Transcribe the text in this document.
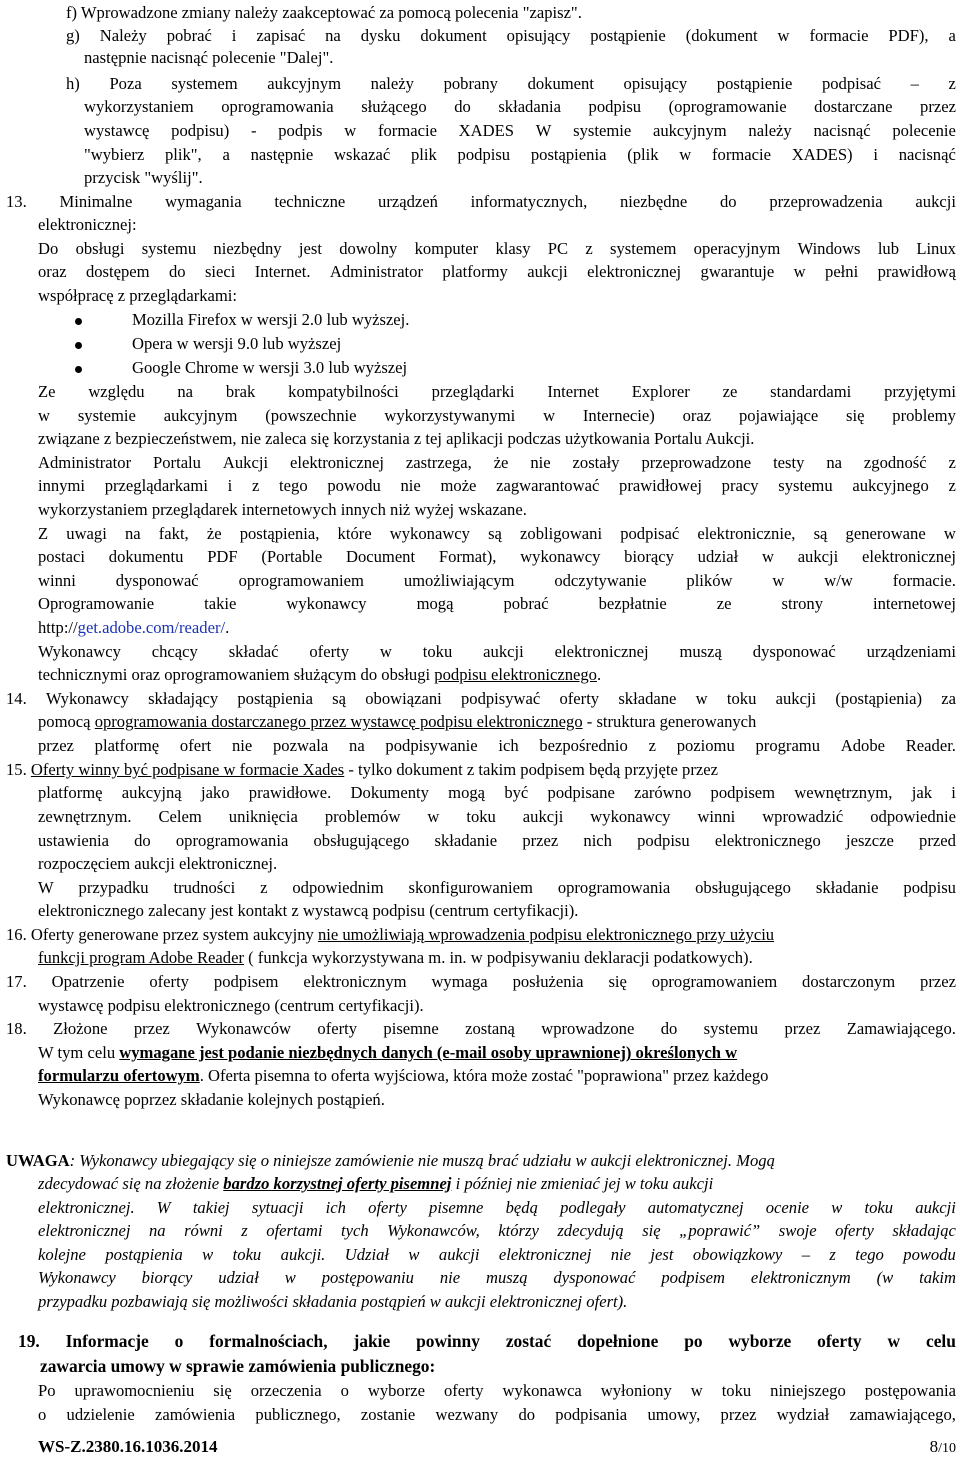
f) Wprowadzone zmiany należy zaakceptować za pomocą polecenia "zapisz".
g) Należy pobrać i zapisać na dysku dokument opisujący postąpienie (dokument w formacie PDF), a
następnie nacisnąć polecenie "Dalej".
h) Poza systemem aukcyjnym należy pobrany dokument opisujący postąpienie podpisać – z
wykorzystaniem oprogramowania służącego do składania podpisu (oprogramowanie dostarczane przez
wystawcę podpisu) - podpis w formacie XADES W systemie aukcyjnym należy nacisnąć polecenie
"wybierz plik", a następnie wskazać plik podpisu postąpienia (plik w formacie XADES) i nacisnąć
przycisk "wyślij".
13. Minimalne wymagania techniczne urządzeń informatycznych, niezbędne do przeprowadzenia aukcji
elektronicznej:
Do obsługi systemu niezbędny jest dowolny komputer klasy PC z systemem operacyjnym Windows lub Linux
oraz dostępem do sieci Internet. Administrator platformy aukcji elektronicznej gwarantuje w pełni prawidłową
współpracę z przeglądarkami:
Mozilla Firefox w wersji 2.0 lub wyższej.
Opera w wersji 9.0 lub wyższej
Google Chrome w wersji 3.0 lub wyższej
Ze względu na brak kompatybilności przeglądarki Internet Explorer ze standardami przyjętymi
w systemie aukcyjnym (powszechnie wykorzystywanymi w Internecie) oraz pojawiające się problemy
związane z bezpieczeństwem, nie zaleca się korzystania z tej aplikacji podczas użytkowania Portalu Aukcji.
Administrator Portalu Aukcji elektronicznej zastrzega, że nie zostały przeprowadzone testy na zgodność z
innymi przeglądarkami i z tego powodu nie może zagwarantować prawidłowej pracy systemu aukcyjnego z
wykorzystaniem przeglądarek internetowych innych niż wyżej wskazane.
Z uwagi na fakt, że postąpienia, które wykonawcy są zobligowani podpisać elektronicznie, są generowane w
postaci dokumentu PDF (Portable Document Format), wykonawcy biorący udział w aukcji elektronicznej
winni dysponować oprogramowaniem umożliwiającym odczytywanie plików w w/w formacie.
Oprogramowanie	takie	wykonawcy	mogą	pobrać	bezpłatnie	ze	strony	internetowej
http://get.adobe.com/reader/.
Wykonawcy chcący składać oferty w toku aukcji elektronicznej muszą dysponować urządzeniami
technicznymi oraz oprogramowaniem służącym do obsługi podpisu elektronicznego.
14. Wykonawcy składający postąpienia są obowiązani podpisywać oferty składane w toku aukcji (postąpienia) za
pomocą oprogramowania dostarczanego przez wystawcę podpisu elektronicznego - struktura generowanych
przez platformę ofert nie pozwala na podpisywanie ich bezpośrednio z poziomu programu Adobe Reader.
15. Oferty winny być podpisane w formacie Xades - tylko dokument z takim podpisem będą przyjęte przez
platformę aukcyjną jako prawidłowe. Dokumenty mogą być podpisane zarówno podpisem wewnętrznym, jak i
zewnętrznym. Celem uniknięcia problemów w toku aukcji wykonawcy winni wprowadzić odpowiednie
ustawienia do oprogramowania obsługującego składanie przez nich podpisu elektronicznego jeszcze przed
rozpoczęciem aukcji elektronicznej.
W przypadku trudności z odpowiednim skonfigurowaniem oprogramowania obsługującego składanie podpisu
elektronicznego zalecany jest kontakt z wystawcą podpisu (centrum certyfikacji).
16. Oferty generowane przez system aukcyjny nie umożliwiają wprowadzenia podpisu elektronicznego przy użyciu
funkcji program Adobe Reader ( funkcja wykorzystywana m. in. w podpisywaniu deklaracji podatkowych).
17. Opatrzenie oferty podpisem elektronicznym wymaga posłużenia się oprogramowaniem dostarczonym przez
wystawcę podpisu elektronicznego (centrum certyfikacji).
18. Złożone przez Wykonawców oferty pisemne zostaną wprowadzone do systemu przez Zamawiającego.
W tym celu wymagane jest podanie niezbędnych danych (e-mail osoby uprawnionej) określonych w
formularzu ofertowym. Oferta pisemna to oferta wyjściowa, która może zostać "poprawiona" przez każdego
Wykonawcę poprzez składanie kolejnych postąpień.
UWAGA: Wykonawcy ubiegający się o niniejsze zamówienie nie muszą brać udziału w aukcji elektronicznej. Mogą
zdecydować się na złożenie bardzo korzystnej oferty pisemnej i później nie zmieniać jej w toku aukcji
elektronicznej. W takiej sytuacji ich oferty pisemne będą podlegały automatycznej ocenie w toku aukcji
elektronicznej na równi z ofertami tych Wykonawców, którzy zdecydują się „poprawić” swoje oferty składając
kolejne postąpienia w toku aukcji. Udział w aukcji elektronicznej nie jest obowiązkowy – z tego powodu
Wykonawcy biorący udział w postępowaniu nie muszą dysponować podpisem elektronicznym (w takim
przypadku pozbawiają się możliwości składania postąpień w aukcji elektronicznej ofert).
19. Informacje o formalnościach, jakie powinny zostać dopełnione po wyborze oferty w celu
zawarcia umowy w sprawie zamówienia publicznego:
Po uprawomocnieniu się orzeczenia o wyborze oferty wykonawca wyłoniony w toku niniejszego postępowania
o udzielenie zamówienia publicznego, zostanie wezwany do podpisania umowy, przez wydział zamawiającego,
WS-Z.2380.16.1036.2014	8/10
